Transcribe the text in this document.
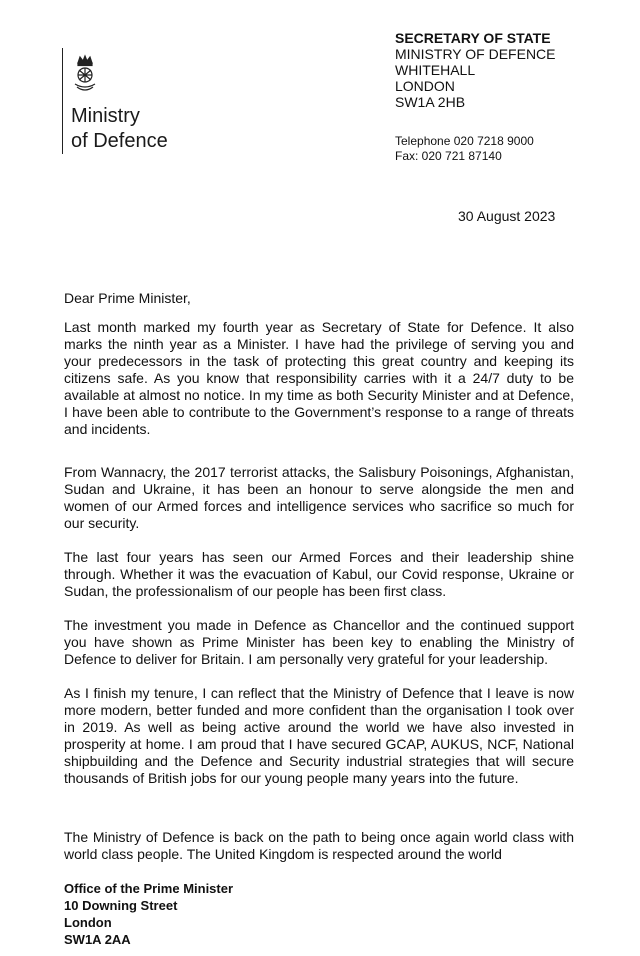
Ministry
of Defence
SECRETARY OF STATE
MINISTRY OF DEFENCE
WHITEHALL
LONDON
SW1A 2HB
Telephone 020 7218 9000
Fax: 020 721 87140
30 August 2023
Dear Prime Minister,

Last month marked my fourth year as Secretary of State for Defence. It also marks the ninth year as a Minister. I have had the privilege of serving you and your predecessors in the task of protecting this great country and keeping its citizens safe. As you know that responsibility carries with it a 24/7 duty to be available at almost no notice. In my time as both Security Minister and at Defence, I have been able to contribute to the Government’s response to a range of threats and incidents.

From Wannacry, the 2017 terrorist attacks, the Salisbury Poisonings, Afghanistan, Sudan and Ukraine, it has been an honour to serve alongside the men and women of our Armed forces and intelligence services who sacrifice so much for our security.

The last four years has seen our Armed Forces and their leadership shine through. Whether it was the evacuation of Kabul, our Covid response, Ukraine or Sudan, the professionalism of our people has been first class.

The investment you made in Defence as Chancellor and the continued support you have shown as Prime Minister has been key to enabling the Ministry of Defence to deliver for Britain. I am personally very grateful for your leadership.

As I finish my tenure, I can reflect that the Ministry of Defence that I leave is now more modern, better funded and more confident than the organisation I took over in 2019. As well as being active around the world we have also invested in prosperity at home. I am proud that I have secured GCAP, AUKUS, NCF, National shipbuilding and the Defence and Security industrial strategies that will secure thousands of British jobs for our young people many years into the future.

The Ministry of Defence is back on the path to being once again world class with world class people. The United Kingdom is respected around the world

Office of the Prime Minister
10 Downing Street
London
SW1A 2AA
